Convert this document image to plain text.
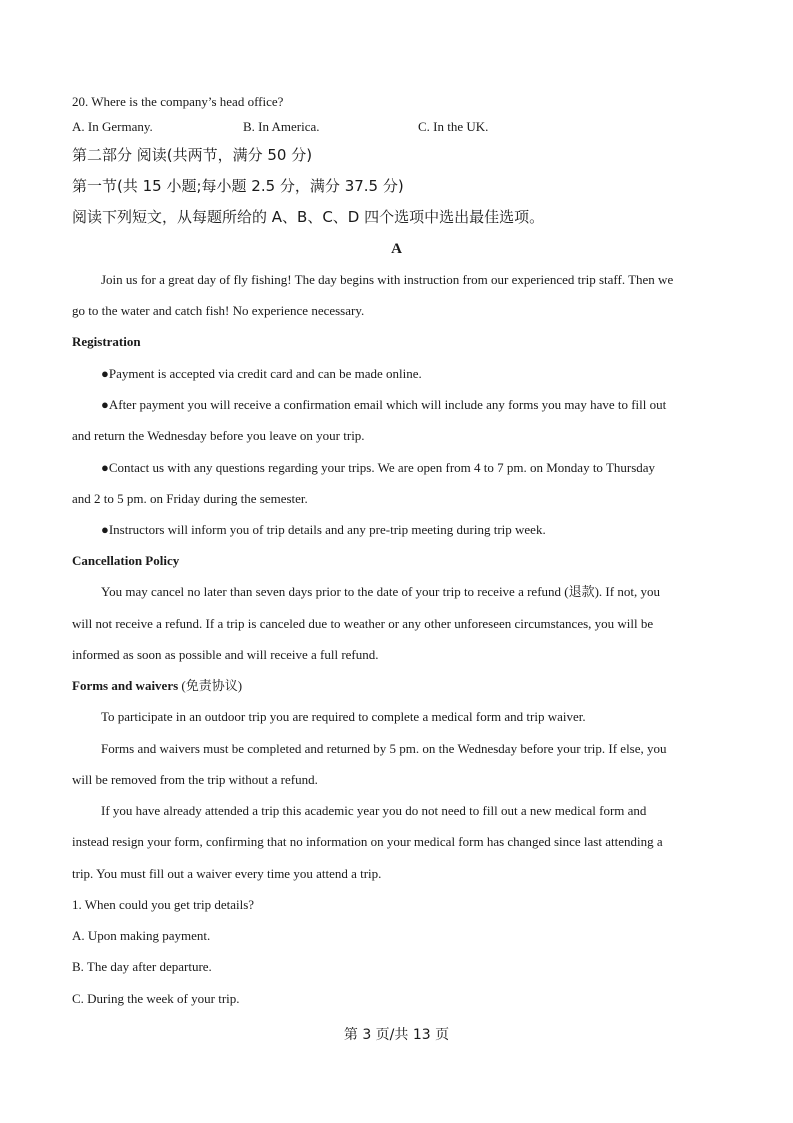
20. Where is the company’s head office?
A. In Germany.	B. In America.	C. In the UK.
第二部分 阅读(共两节，满分 50 分)
第一节(共 15 小题;每小题 2.5 分，满分 37.5 分)
阅读下列短文，从每题所给的 A、B、C、D 四个选项中选出最佳选项。
A
Join us for a great day of fly fishing! The day begins with instruction from our experienced trip staff. Then we
go to the water and catch fish! No experience necessary.
Registration
●Payment is accepted via credit card and can be made online.
●After payment you will receive a confirmation email which will include any forms you may have to fill out
and return the Wednesday before you leave on your trip.
●Contact us with any questions regarding your trips. We are open from 4 to 7 pm. on Monday to Thursday
and 2 to 5 pm. on Friday during the semester.
●Instructors will inform you of trip details and any pre-trip meeting during trip week.
Cancellation Policy
You may cancel no later than seven days prior to the date of your trip to receive a refund (退款). If not, you
will not receive a refund. If a trip is canceled due to weather or any other unforeseen circumstances, you will be
informed as soon as possible and will receive a full refund.
Forms and waivers (免责协议)
To participate in an outdoor trip you are required to complete a medical form and trip waiver.
Forms and waivers must be completed and returned by 5 pm. on the Wednesday before your trip. If else, you
will be removed from the trip without a refund.
If you have already attended a trip this academic year you do not need to fill out a new medical form and
instead resign your form, confirming that no information on your medical form has changed since last attending a
trip. You must fill out a waiver every time you attend a trip.
1. When could you get trip details?
A. Upon making payment.
B. The day after departure.
C. During the week of your trip.
第 3 页/共 13 页
